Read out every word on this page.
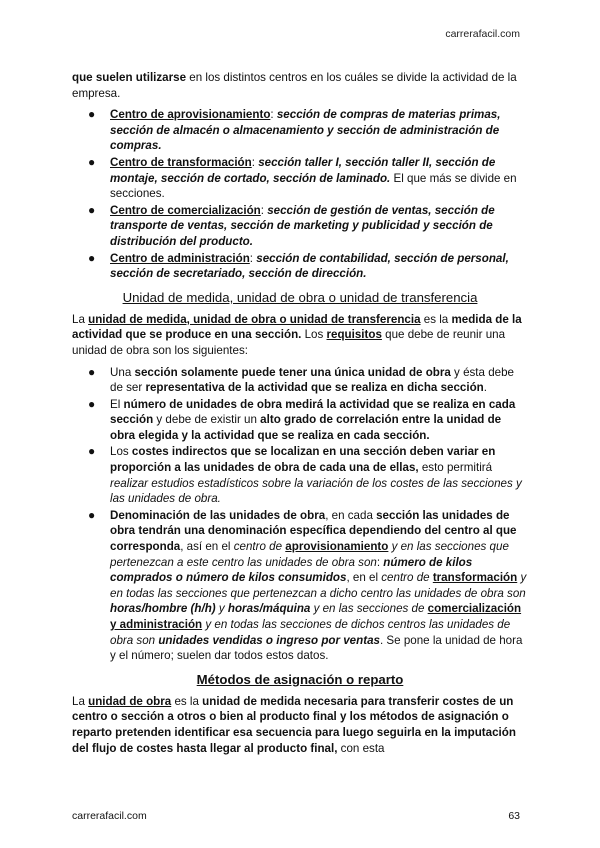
carrerafacil.com

que suelen utilizarse en los distintos centros en los cuáles se divide la actividad de la empresa.

● Centro de aprovisionamiento: sección de compras de materias primas, sección de almacén o almacenamiento y sección de administración de compras.
● Centro de transformación: sección taller I, sección taller II, sección de montaje, sección de cortado, sección de laminado. El que más se divide en secciones.
● Centro de comercialización: sección de gestión de ventas, sección de transporte de ventas, sección de marketing y publicidad y sección de distribución del producto.
● Centro de administración: sección de contabilidad, sección de personal, sección de secretariado, sección de dirección.
Unidad de medida, unidad de obra o unidad de transferencia

La unidad de medida, unidad de obra o unidad de transferencia es la medida de la actividad que se produce en una sección. Los requisitos que debe de reunir una unidad de obra son los siguientes:

● Una sección solamente puede tener una única unidad de obra y ésta debe de ser representativa de la actividad que se realiza en dicha sección.
● El número de unidades de obra medirá la actividad que se realiza en cada sección y debe de existir un alto grado de correlación entre la unidad de obra elegida y la actividad que se realiza en cada sección.
● Los costes indirectos que se localizan en una sección deben variar en proporción a las unidades de obra de cada una de ellas, esto permitirá realizar estudios estadísticos sobre la variación de los costes de las secciones y las unidades de obra.
● Denominación de las unidades de obra, en cada sección las unidades de obra tendrán una denominación específica dependiendo del centro al que corresponda, así en el centro de aprovisionamiento y en las secciones que pertenezcan a este centro las unidades de obra son: número de kilos comprados o número de kilos consumidos, en el centro de transformación y en todas las secciones que pertenezcan a dicho centro las unidades de obra son horas/hombre (h/h) y horas/máquina y en las secciones de comercialización y administración y en todas las secciones de dichos centros las unidades de obra son unidades vendidas o ingreso por ventas. Se pone la unidad de hora y el número; suelen dar todos estos datos.
Métodos de asignación o reparto

La unidad de obra es la unidad de medida necesaria para transferir costes de un centro o sección a otros o bien al producto final y los métodos de asignación o reparto pretenden identificar esa secuencia para luego seguirla en la imputación del flujo de costes hasta llegar al producto final, con esta

carrerafacil.com	63
